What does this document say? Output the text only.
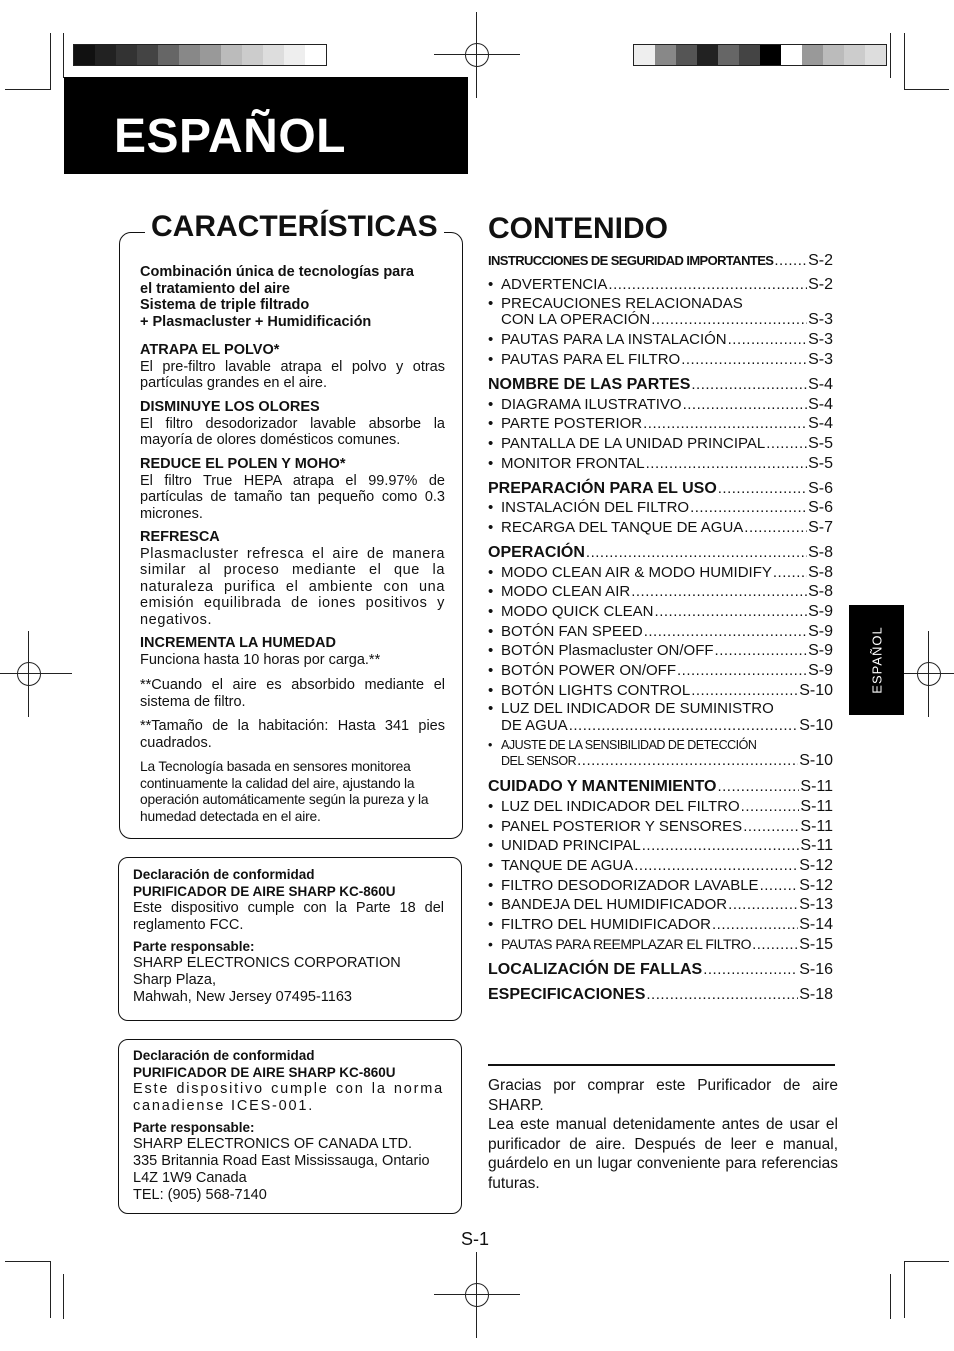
ESPAÑOL
ESPAÑOL
CARACTERÍSTICAS
Combinación única de tecnologías para
el tratamiento del aire
Sistema de triple filtrado
+ Plasmacluster + Humidificación
ATRAPA EL POLVO*
El pre-filtro lavable atrapa el polvo y otras partículas grandes en el aire.
DISMINUYE LOS OLORES
El filtro desodorizador lavable absorbe la mayoría de olores domésticos comunes.
REDUCE EL POLEN Y MOHO*
El filtro True HEPA atrapa el 99.97% de partículas de tamaño tan pequeño como 0.3 micrones.
REFRESCA
Plasmacluster refresca el aire de manera similar al proceso mediante el que la naturaleza purifica el ambiente con una emisión equilibrada de iones positivos y negativos.
INCREMENTA LA HUMEDAD
Funciona hasta 10 horas por carga.**
**Cuando el aire es absorbido mediante el sistema de filtro.
**Tamaño de la habitación: Hasta 341 pies cuadrados.
La Tecnología basada en sensores monitorea continuamente la calidad del aire, ajustando la operación automáticamente según la pureza y la humedad detectada en el aire.
Declaración de conformidad
PURIFICADOR DE AIRE SHARP KC-860U
Este dispositivo cumple con la Parte 18 del reglamento FCC.
Parte responsable:
SHARP ELECTRONICS CORPORATION
Sharp Plaza,
Mahwah, New Jersey 07495-1163
Declaración de conformidad
PURIFICADOR DE AIRE SHARP KC-860U
Este dispositivo cumple con la norma canadiense ICES-001.
Parte responsable:
SHARP ELECTRONICS OF CANADA LTD.
335 Britannia Road East Mississauga, Ontario
L4Z 1W9 Canada
TEL: (905) 568-7140
CONTENIDO
INSTRUCCIONES DE SEGURIDAD IMPORTANTES ..... S-2
• ADVERTENCIA .....	S-2
PRECAUCIONES RELACIONADAS
•
CON LA OPERACIÓN .....	S-3
• PAUTAS PARA LA INSTALACIÓN .....	S-3
• PAUTAS PARA EL FILTRO .....	S-3
NOMBRE DE LAS PARTES .....	S-4
• DIAGRAMA ILUSTRATIVO .....	S-4
• PARTE POSTERIOR .....	S-4
• PANTALLA DE LA UNIDAD PRINCIPAL .....	S-5
• MONITOR FRONTAL .....	S-5
PREPARACIÓN PARA EL USO .....	S-6
• INSTALACIÓN DEL FILTRO .....	S-6
• RECARGA DEL TANQUE DE AGUA .....	S-7
OPERACIÓN .....	S-8
• MODO CLEAN AIR & MODO HUMIDIFY ..... S-8
• MODO CLEAN AIR .....	S-8
• MODO QUICK CLEAN .....	S-9
• BOTÓN FAN SPEED .....	S-9
• BOTÓN Plasmacluster ON/OFF .....	S-9
• BOTÓN POWER ON/OFF .....	S-9
• BOTÓN LIGHTS CONTROL .....	S-10
• LUZ DEL INDICADOR DE SUMINISTRO
DE AGUA .....	S-10
• AJUSTE DE LA SENSIBILIDAD DE DETECCIÓN
DEL SENSOR .....	S-10
CUIDADO Y MANTENIMIENTO .....	S-11
• LUZ DEL INDICADOR DEL FILTRO .....	S-11
• PANEL POSTERIOR Y SENSORES .....	S-11
• UNIDAD PRINCIPAL .....	S-11
• TANQUE DE AGUA .....	S-12
• FILTRO DESODORIZADOR LAVABLE .....	S-12
• BANDEJA DEL HUMIDIFICADOR .....	S-13
• FILTRO DEL HUMIDIFICADOR .....	S-14
• PAUTAS PARA REEMPLAZAR EL FILTRO .....	S-15
LOCALIZACIÓN DE FALLAS .....	S-16
ESPECIFICACIONES .....	S-18

Gracias por comprar este Purificador de aire SHARP.

Lea este manual detenidamente antes de usar el purificador de aire. Después de leer e manual, guárdelo en un lugar conveniente para referencias futuras.

S-1
